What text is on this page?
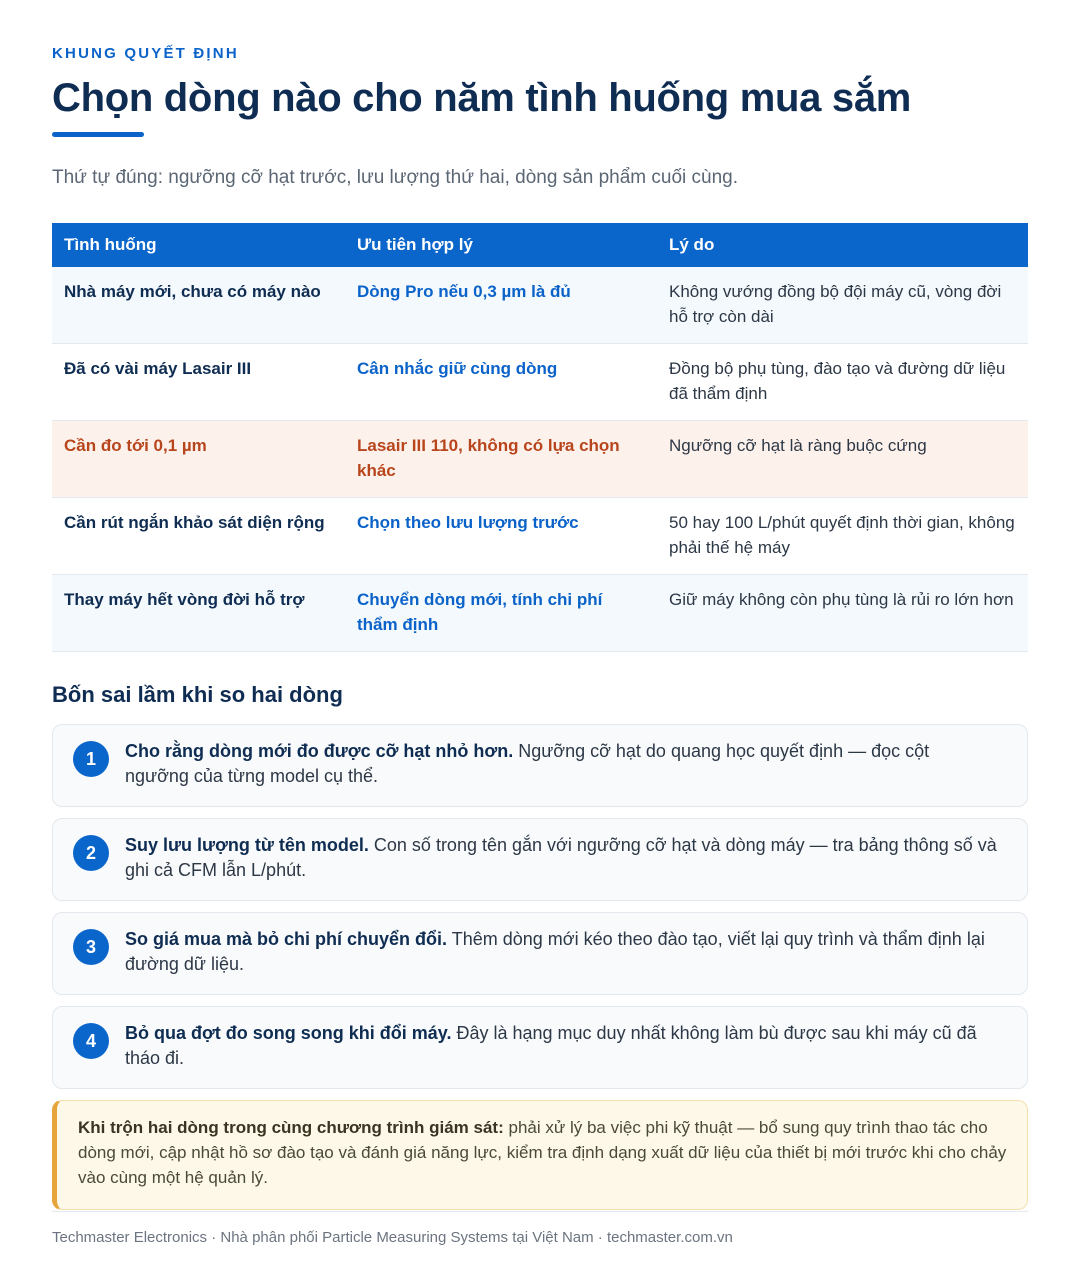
KHUNG QUYẾT ĐỊNH
Chọn dòng nào cho năm tình huống mua sắm

Thứ tự đúng: ngưỡng cỡ hạt trước, lưu lượng thứ hai, dòng sản phẩm cuối cùng.

Tình huống	Ưu tiên hợp lý	Lý do
Nhà máy mới, chưa có máy nào	Dòng Pro nếu 0,3 µm là đủ	Không vướng đồng bộ đội máy cũ, vòng đời hỗ trợ còn dài
Đã có vài máy Lasair III	Cân nhắc giữ cùng dòng	Đồng bộ phụ tùng, đào tạo và đường dữ liệu đã thẩm định
Cần đo tới 0,1 µm	Lasair III 110, không có lựa chọn khác	Ngưỡng cỡ hạt là ràng buộc cứng
Cần rút ngắn khảo sát diện rộng	Chọn theo lưu lượng trước	50 hay 100 L/phút quyết định thời gian, không phải thế hệ máy
Thay máy hết vòng đời hỗ trợ	Chuyển dòng mới, tính chi phí thẩm định	Giữ máy không còn phụ tùng là rủi ro lớn hơn
Bốn sai lầm khi so hai dòng
1	Cho rằng dòng mới đo được cỡ hạt nhỏ hơn. Ngưỡng cỡ hạt do quang học quyết định — đọc cột ngưỡng của từng model cụ thể.

2	Suy lưu lượng từ tên model. Con số trong tên gắn với ngưỡng cỡ hạt và dòng máy — tra bảng thông số và ghi cả CFM lẫn L/phút.

3	So giá mua mà bỏ chi phí chuyển đổi. Thêm dòng mới kéo theo đào tạo, viết lại quy trình và thẩm định lại đường dữ liệu.

4	Bỏ qua đợt đo song song khi đổi máy. Đây là hạng mục duy nhất không làm bù được sau khi máy cũ đã tháo đi.

Khi trộn hai dòng trong cùng chương trình giám sát: phải xử lý ba việc phi kỹ thuật — bổ sung quy trình thao tác cho dòng mới, cập nhật hồ sơ đào tạo và đánh giá năng lực, kiểm tra định dạng xuất dữ liệu của thiết bị mới trước khi cho chảy vào cùng một hệ quản lý.
Techmaster Electronics · Nhà phân phối Particle Measuring Systems tại Việt Nam · techmaster.com.vn
